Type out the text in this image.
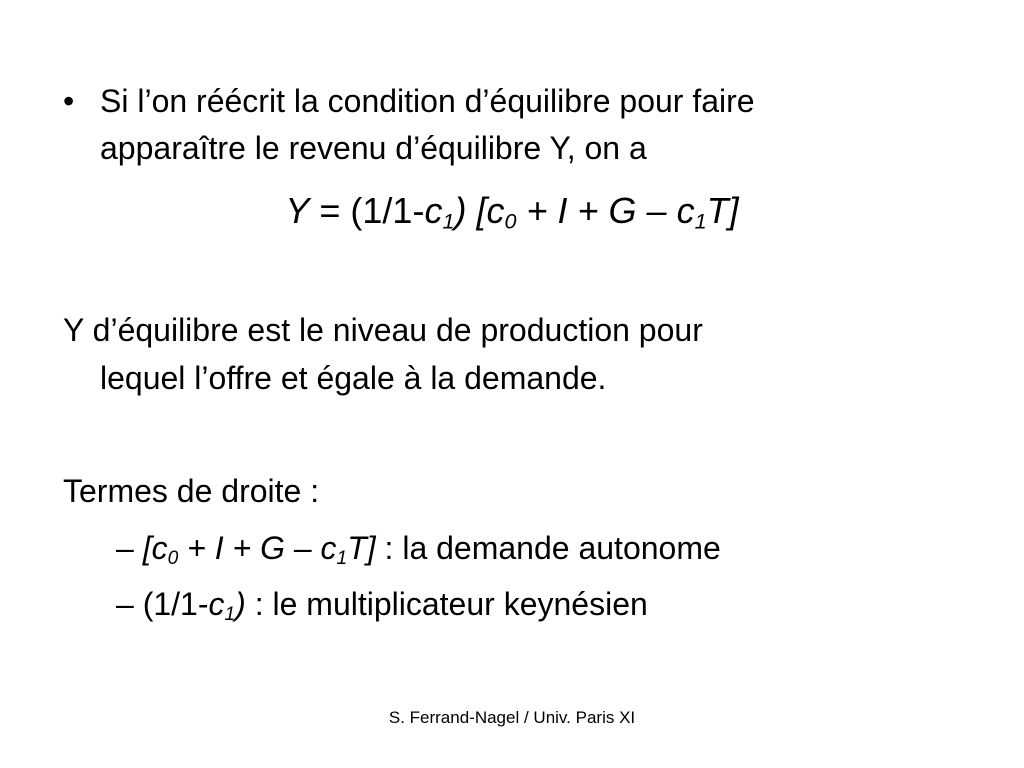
• Si l’on réécrit la condition d’équilibre pour faire

apparaître le revenu d’équilibre Y, on a

$Y = (1/1-c_1) [c_0 + I + G - c_1T]$

Y d’équilibre est le niveau de production pour

lequel l’offre et égale à la demande.

Termes de droite :

– $[c_0 + I + G - c_1T]$ : la demande autonome

– $(1/1-c_1)$ : le multiplicateur keynésien

S. Ferrand-Nagel / Univ. Paris XI
